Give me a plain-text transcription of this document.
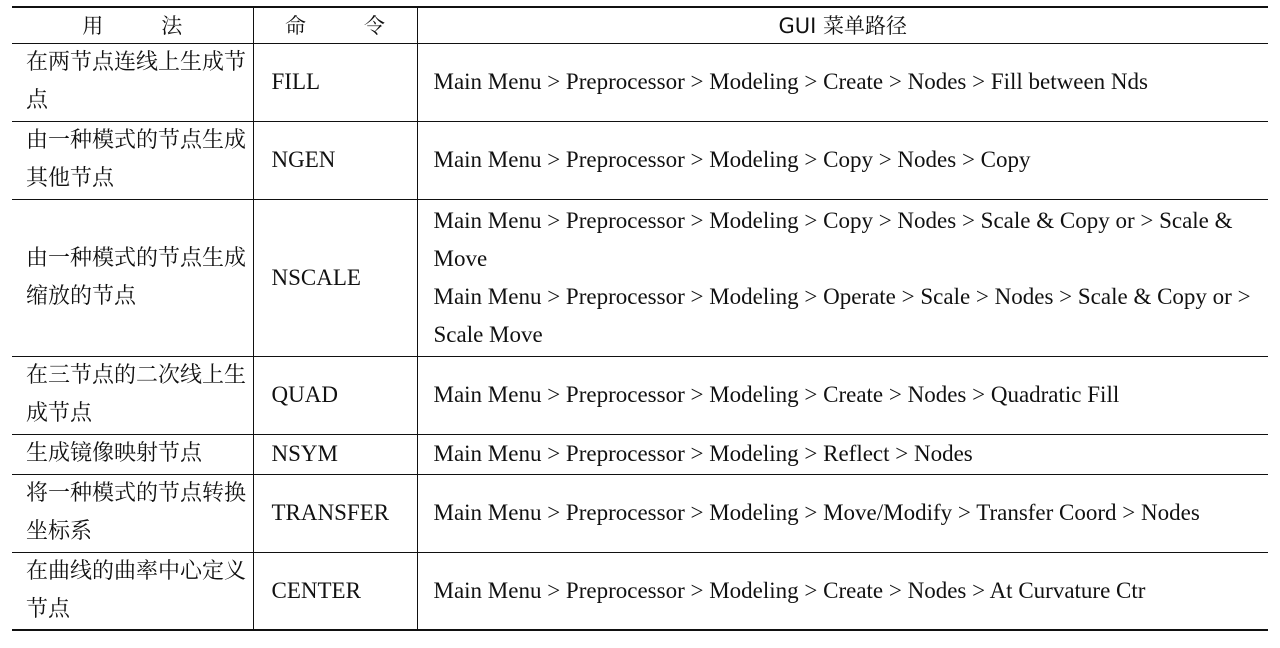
用 法	命 令	GUI 菜单路径
在两节点连线上生成节点	FILL	Main Menu > Preprocessor > Modeling > Create > Nodes > Fill between Nds

由一种模式的节点生成其他节点	NGEN	Main Menu > Preprocessor > Modeling > Copy > Nodes > Copy

由一种模式的节点生成缩放的节点	NSCALE	Main Menu > Preprocessor > Modeling > Copy > Nodes > Scale & Copy or > Scale & Move
Main Menu > Preprocessor > Modeling > Operate > Scale > Nodes > Scale & Copy or > Scale Move

在三节点的二次线上生成节点	QUAD	Main Menu > Preprocessor > Modeling > Create > Nodes > Quadratic Fill

生成镜像映射节点	NSYM	Main Menu > Preprocessor > Modeling > Reflect > Nodes

将一种模式的节点转换坐标系	TRANSFER	Main Menu > Preprocessor > Modeling > Move/Modify > Transfer Coord > Nodes

在曲线的曲率中心定义节点	CENTER	Main Menu > Preprocessor > Modeling > Create > Nodes > At Curvature Ctr
